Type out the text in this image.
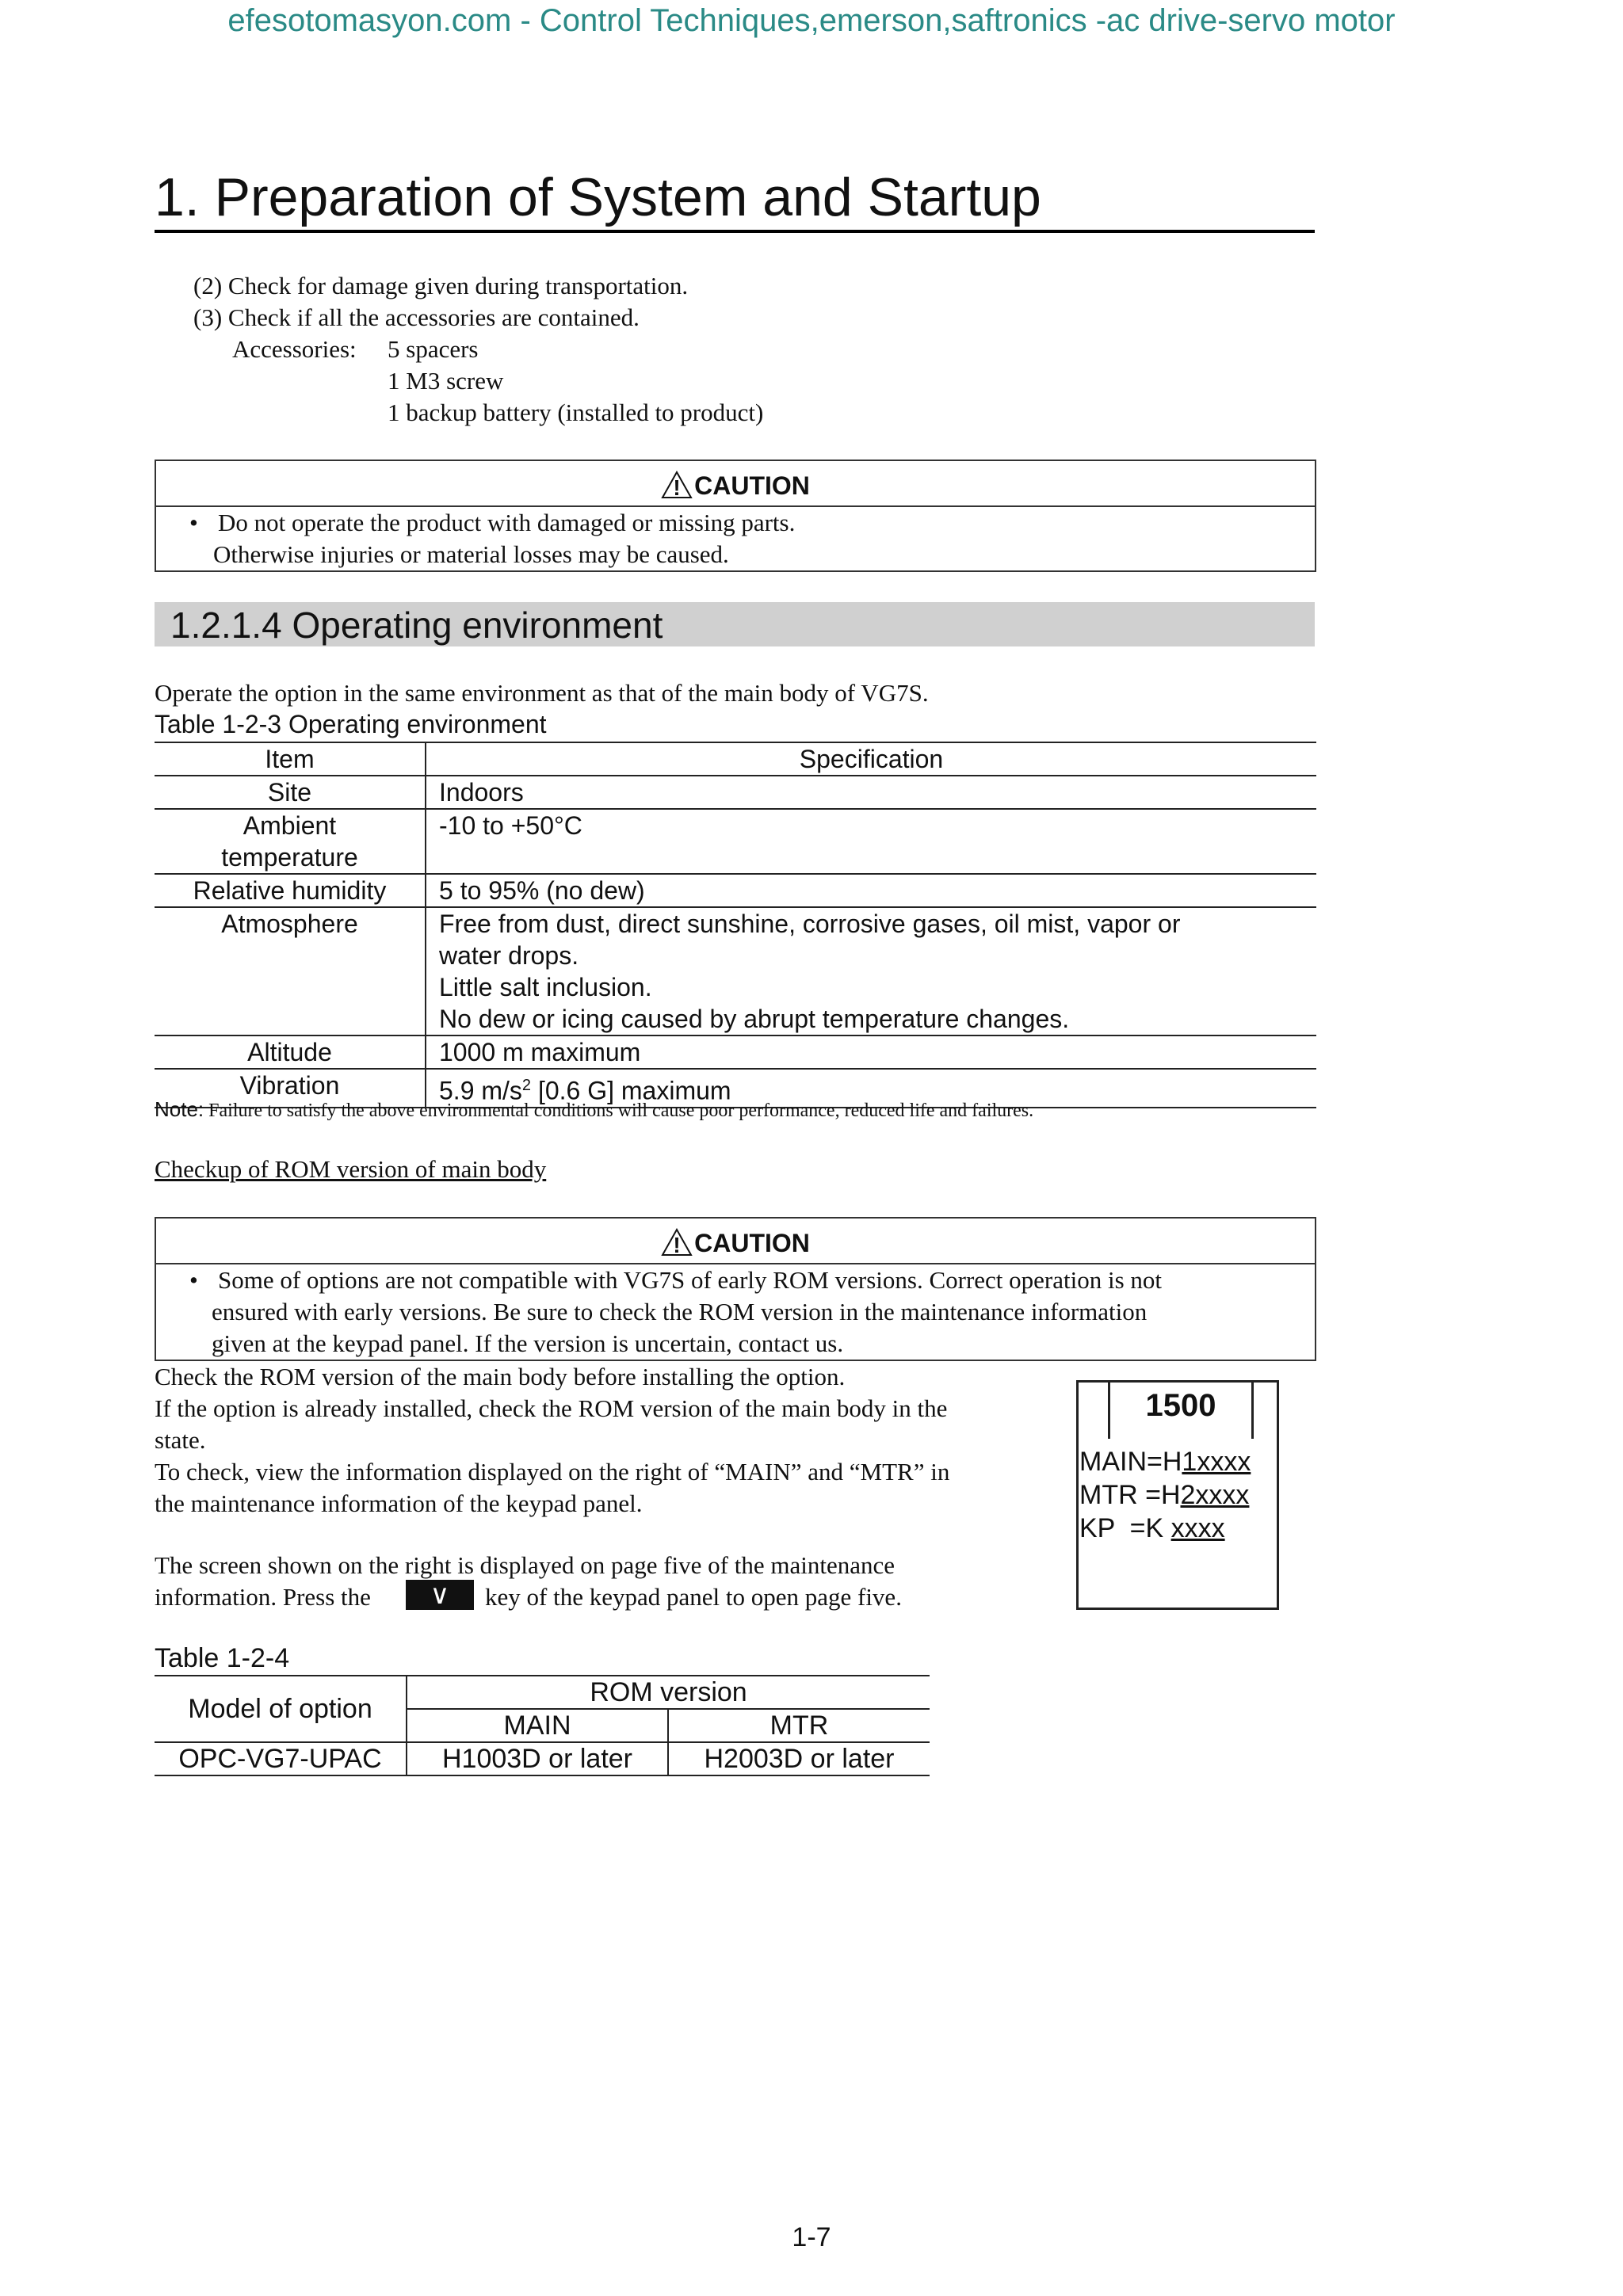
efesotomasyon.com - Control Techniques,emerson,saftronics -ac drive-servo motor
1. Preparation of System and Startup
(2) Check for damage given during transportation.
(3) Check if all the accessories are contained.
Accessories: 5 spacers
1 M3 screw
1 backup battery (installed to product)
! CAUTION
• Do not operate the product with damaged or missing parts.
Otherwise injuries or material losses may be caused.
1.2.1.4 Operating environment
Operate the option in the same environment as that of the main body of VG7S.
Table 1-2-3 Operating environment
Item	Specification
Site	Indoors
Ambient
temperature	-10 to +50°C
Relative humidity	5 to 95% (no dew)
Atmosphere	Free from dust, direct sunshine, corrosive gases, oil mist, vapor or
water drops.
Little salt inclusion.
No dew or icing caused by abrupt temperature changes.

Altitude	1000 m maximum
Vibration	5.9 $m/s^2$ [0.6 G] maximum
Note: Failure to satisfy the above environmental conditions will cause poor performance, reduced life and failures.
Checkup of ROM version of main body
! CAUTION
• Some of options are not compatible with VG7S of early ROM versions. Correct operation is not
ensured with early versions. Be sure to check the ROM version in the maintenance information
given at the keypad panel. If the version is uncertain, contact us.
Check the ROM version of the main body before installing the option.
If the option is already installed, check the ROM version of the main body in the
state.
To check, view the information displayed on the right of “MAIN” and “MTR” in
the maintenance information of the keypad panel.
The screen shown on the right is displayed on page five of the maintenance
information. Press the	∨	key of the keypad panel to open page five.
1500
MAIN=H1xxxx
MTR =H2xxxx
KP  =K xxxx
Table 1-2-4
Model of option	ROM version	
	MAIN	MTR
OPC-VG7-UPAC	H1003D or later	H2003D or later
1-7
